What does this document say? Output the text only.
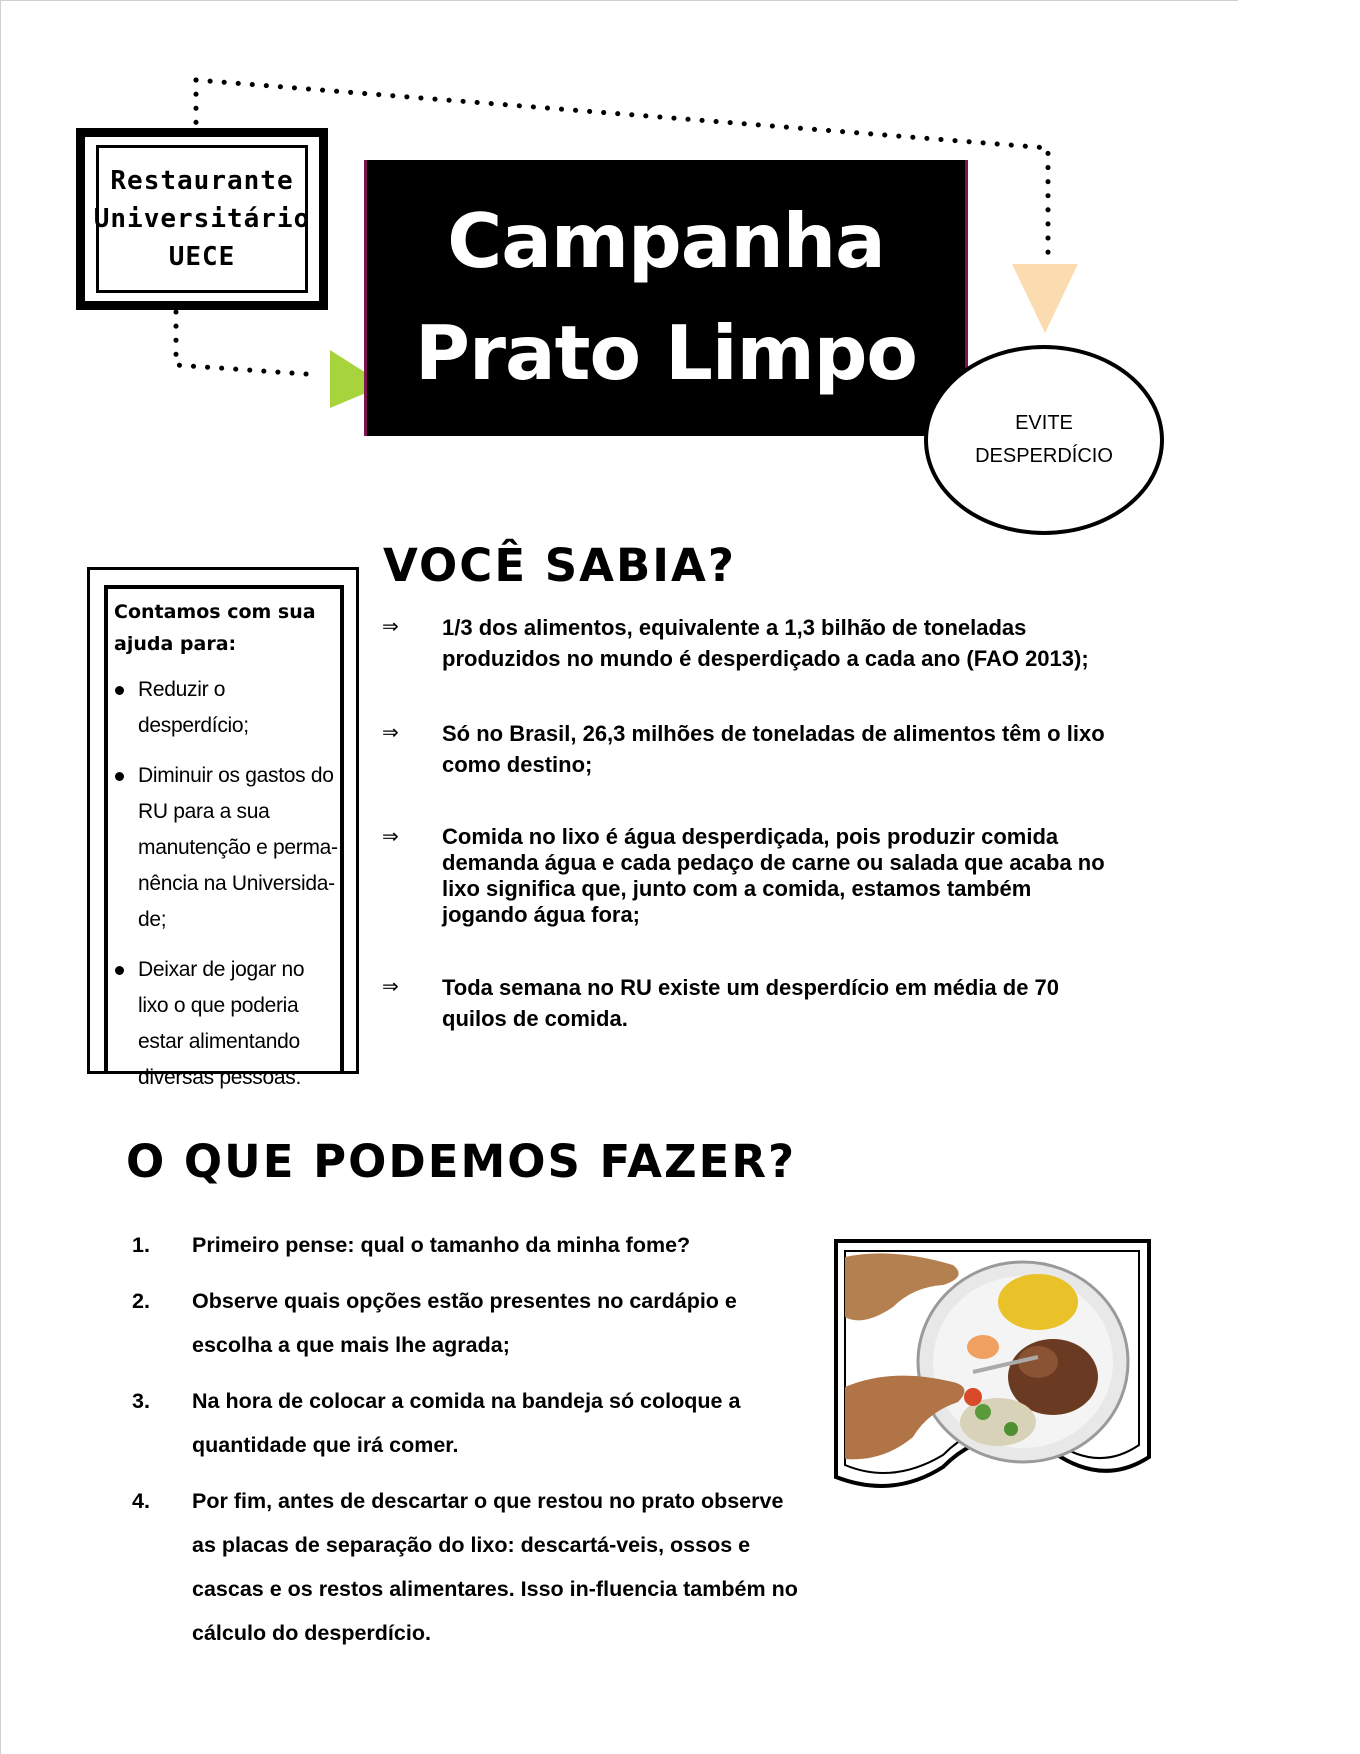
Restaurante
Universitário
UECE	Campanha
Prato Limpo
EVITE
DESPERDÍCIO
Contamos com sua ajuda para:
Reduzir o desperdício;
Diminuir os gastos do RU para a sua manutenção e perma-nência na Universida-de;
Deixar de jogar no lixo o que poderia estar alimentando diversas pessoas.
VOCÊ SABIA?
⇒ 1/3 dos alimentos, equivalente a 1,3 bilhão de toneladas produzidos no mundo é desperdiçado a cada ano (FAO 2013);
⇒ Só no Brasil, 26,3 milhões de toneladas de alimentos têm o lixo como destino;
⇒ Comida no lixo é água desperdiçada, pois produzir comida demanda água e cada pedaço de carne ou salada que acaba no lixo significa que, junto com a comida, estamos também jogando água fora;
⇒ Toda semana no RU existe um desperdício em média de 70 quilos de comida.
O QUE PODEMOS FAZER?
1. Primeiro pense: qual o tamanho da minha fome?
2. Observe quais opções estão presentes no cardápio e escolha a que mais lhe agrada;
3. Na hora de colocar a comida na bandeja só coloque a quantidade que irá comer.
4. Por fim, antes de descartar o que restou no prato observe as placas de separação do lixo: descartá-veis, ossos e cascas e os restos alimentares. Isso in-fluencia também no cálculo do desperdício.
